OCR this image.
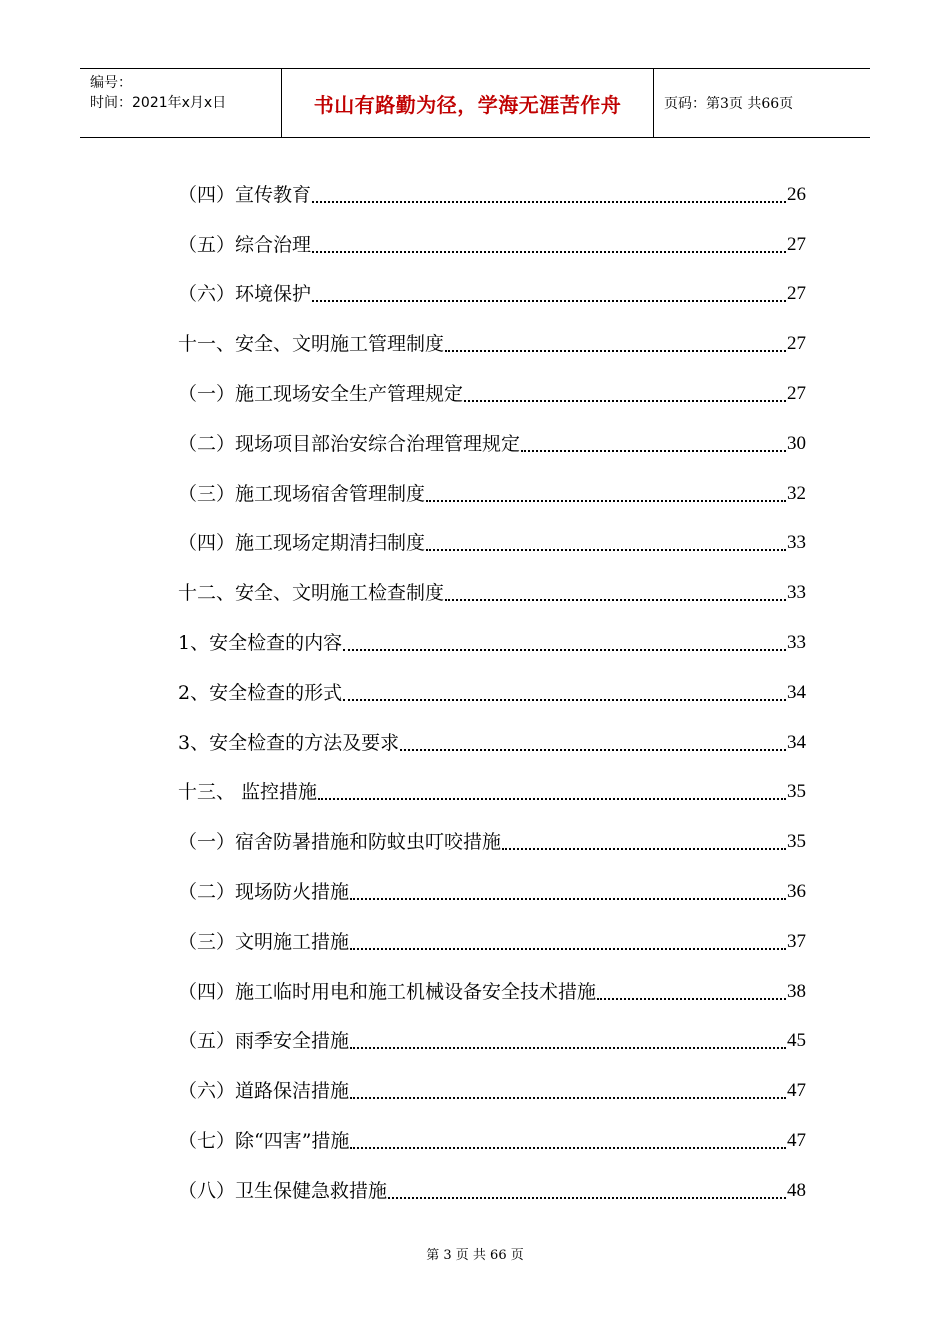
编号：
时间：2021年x月x日	书山有路勤为径，学海无涯苦作舟	页码：第3页 共66页
（四）宣传教育	26
（五）综合治理	27
（六）环境保护	27
十一、安全、文明施工管理制度	27
（一）施工现场安全生产管理规定	27
（二）现场项目部治安综合治理管理规定	30
（三）施工现场宿舍管理制度	32
（四）施工现场定期清扫制度	33
十二、安全、文明施工检查制度	33
1、安全检查的内容	33
2、安全检查的形式	34
3、安全检查的方法及要求	34
十三、 监控措施	35
（一）宿舍防暑措施和防蚊虫叮咬措施	35
（二）现场防火措施	36
（三）文明施工措施	37
（四）施工临时用电和施工机械设备安全技术措施	38
（五）雨季安全措施	45
（六）道路保洁措施	47
（七）除“四害”措施	47
（八）卫生保健急救措施	48
第 3 页 共 66 页
